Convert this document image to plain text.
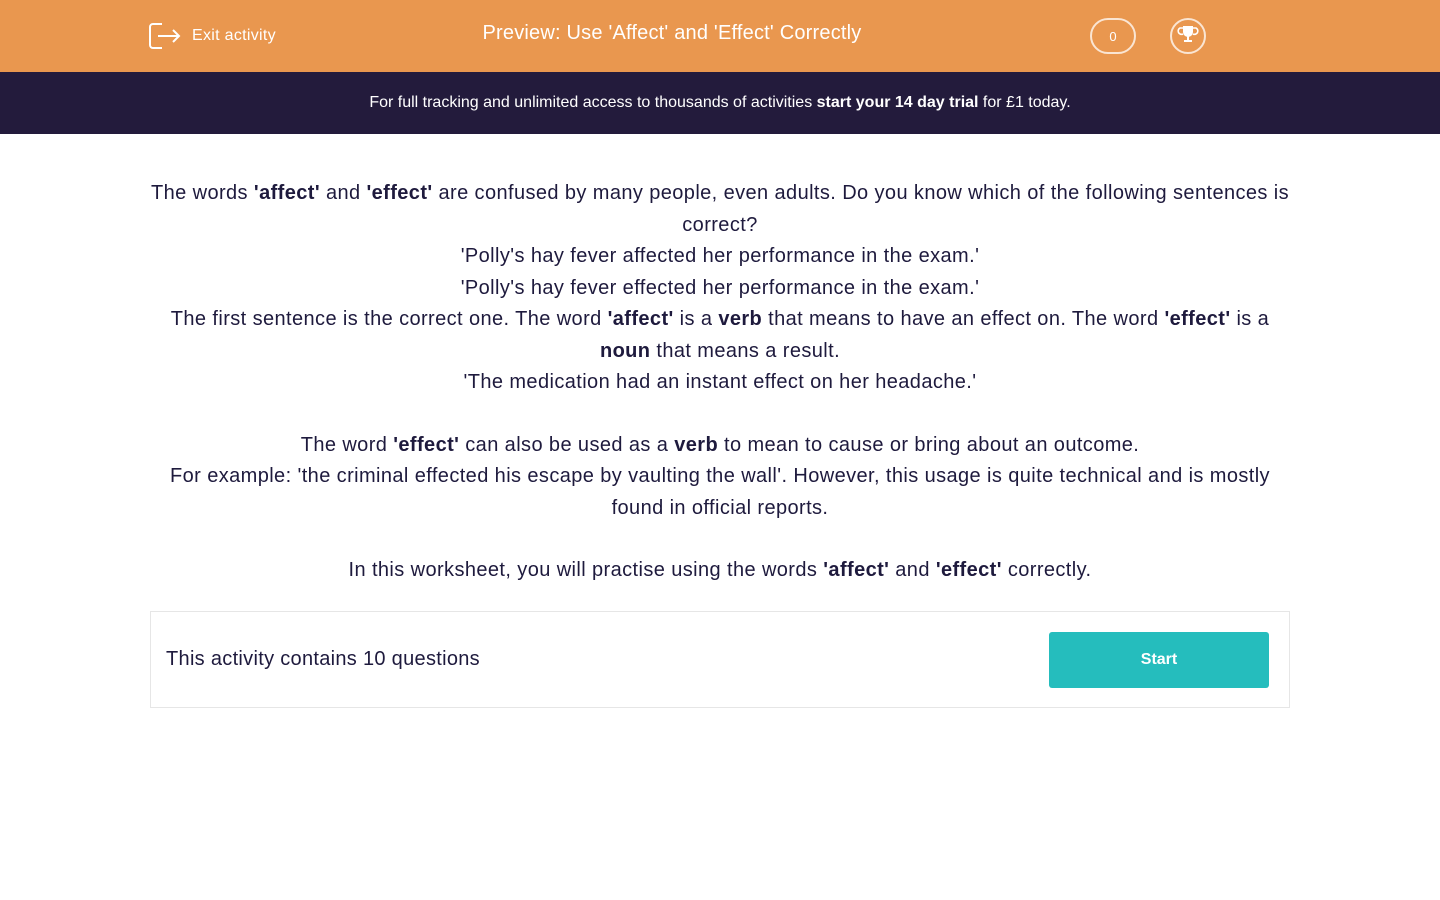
Exit activity	Preview: Use 'Affect' and 'Effect' Correctly	0
For full tracking and unlimited access to thousands of activities start your 14 day trial for £1 today.

The words 'affect' and 'effect' are confused by many people, even adults. Do you know which of the following sentences is correct?

'Polly's hay fever affected her performance in the exam.'

'Polly's hay fever effected her performance in the exam.'

The first sentence is the correct one. The word 'affect' is a verb that means to have an effect on. The word 'effect' is a noun that means a result.

'The medication had an instant effect on her headache.'

The word 'effect' can also be used as a verb to mean to cause or bring about an outcome.

For example: 'the criminal effected his escape by vaulting the wall'. However, this usage is quite technical and is mostly found in official reports.

In this worksheet, you will practise using the words 'affect' and 'effect' correctly.

This activity contains 10 questions	Start
